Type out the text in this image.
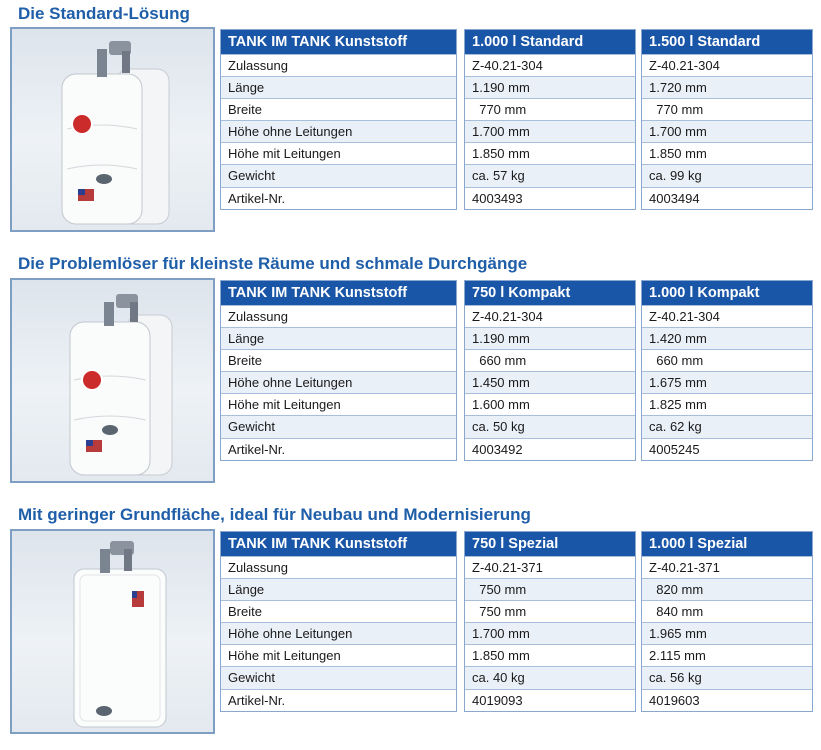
Die Standard-Lösung
TANK IM TANK Kunststoff
Zulassung
Länge
Breite
Höhe ohne Leitungen
Höhe mit Leitungen
Gewicht
Artikel-Nr.
1.000 l Standard
Z-40.21-304
1.190 mm
770 mm
1.700 mm
1.850 mm
ca. 57 kg
4003493
1.500 l Standard
Z-40.21-304
1.720 mm
770 mm
1.700 mm
1.850 mm
ca. 99 kg
4003494
Die Problemlöser für kleinste Räume und schmale Durchgänge
TANK IM TANK Kunststoff
Zulassung
Länge
Breite
Höhe ohne Leitungen
Höhe mit Leitungen
Gewicht
Artikel-Nr.
750 l Kompakt
Z-40.21-304
1.190 mm
660 mm
1.450 mm
1.600 mm
ca. 50 kg
4003492
1.000 l Kompakt
Z-40.21-304
1.420 mm
660 mm
1.675 mm
1.825 mm
ca. 62 kg
4005245
Mit geringer Grundfläche, ideal für Neubau und Modernisierung
TANK IM TANK Kunststoff
Zulassung
Länge
Breite
Höhe ohne Leitungen
Höhe mit Leitungen
Gewicht
Artikel-Nr.
750 l Spezial
Z-40.21-371
750 mm
750 mm
1.700 mm
1.850 mm
ca. 40 kg
4019093
1.000 l Spezial
Z-40.21-371
820 mm
840 mm
1.965 mm
2.115 mm
ca. 56 kg
4019603
